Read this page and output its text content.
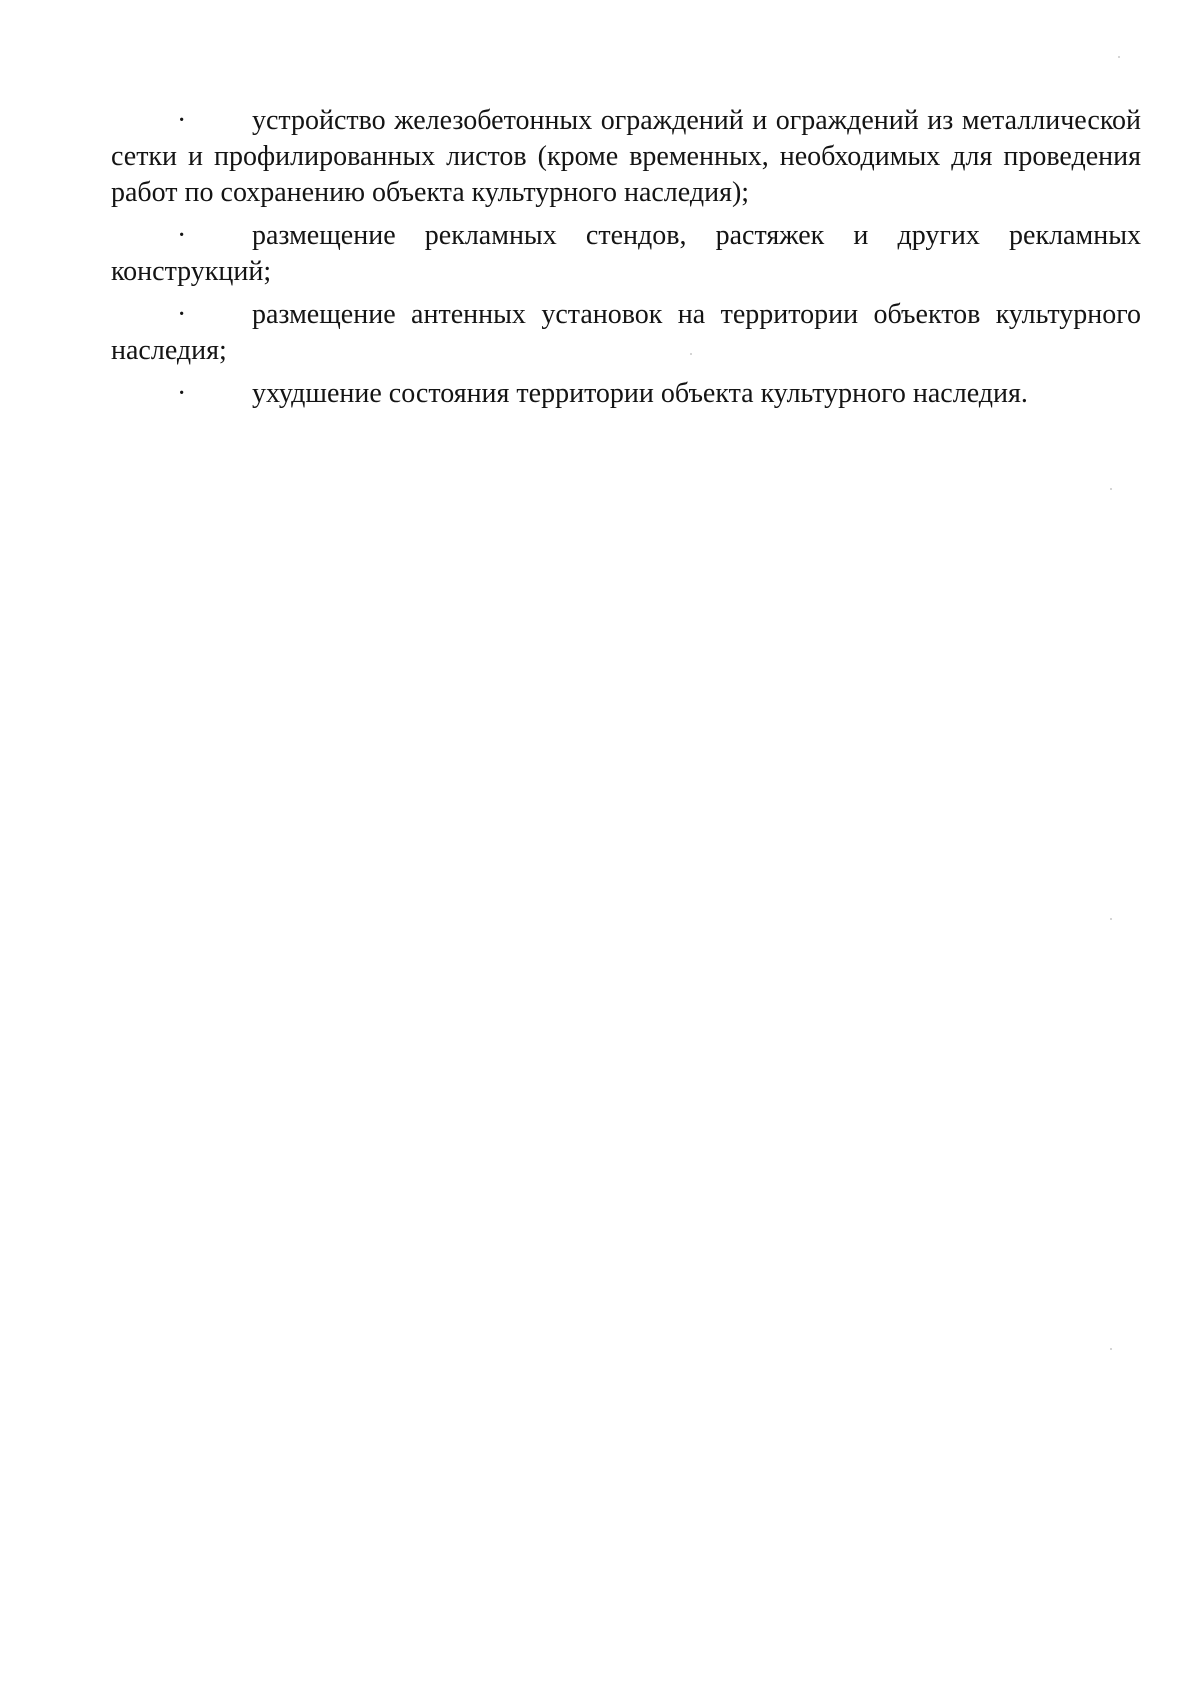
· устройство железобетонных ограждений и ограждений из металлической сетки и профилированных листов (кроме временных, необходимых для проведения работ по сохранению объекта культурного наследия);

· размещение рекламных стендов, растяжек и других рекламных конструкций;

· размещение антенных установок на территории объектов культурного наследия;

· ухудшение состояния территории объекта культурного наследия.
